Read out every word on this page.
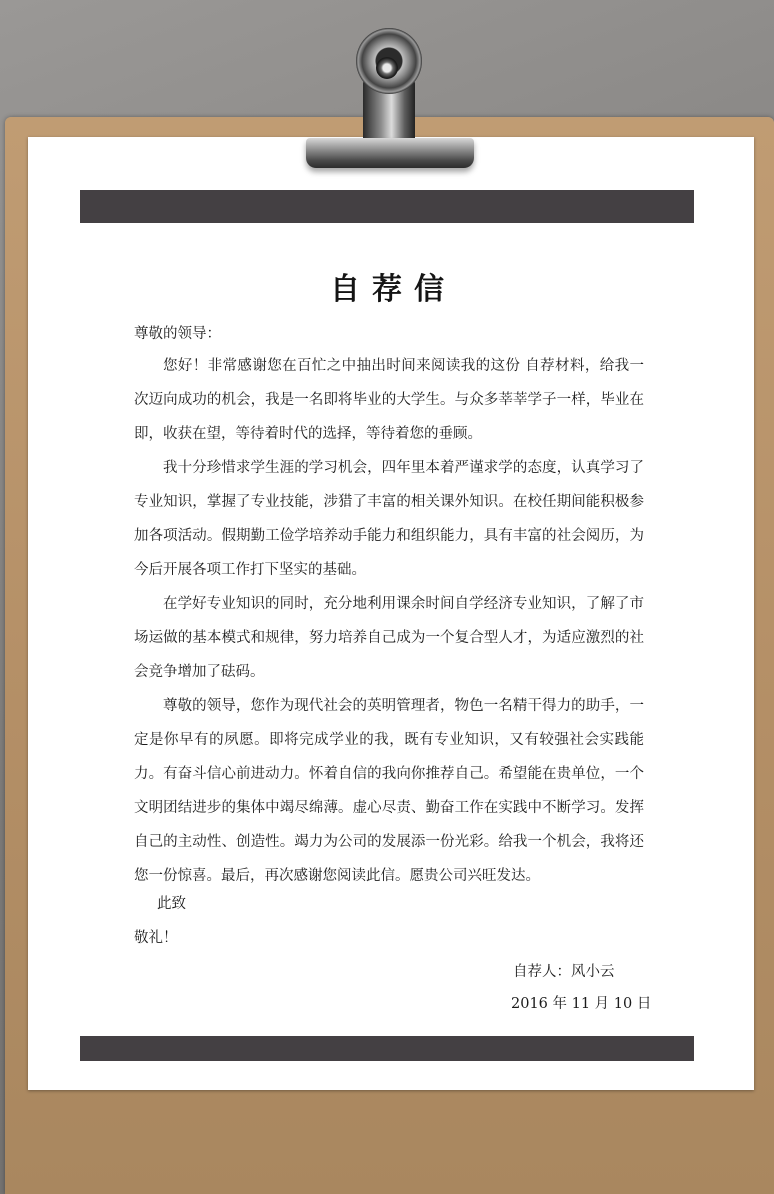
自荐信
尊敬的领导：
您好！非常感谢您在百忙之中抽出时间来阅读我的这份 自荐材料，给我一次迈向成功的机会，我是一名即将毕业的大学生。与众多莘莘学子一样，毕业在即，收获在望，等待着时代的选择，等待着您的垂顾。
我十分珍惜求学生涯的学习机会，四年里本着严谨求学的态度，认真学习了专业知识，掌握了专业技能，涉猎了丰富的相关课外知识。在校任期间能积极参加各项活动。假期勤工俭学培养动手能力和组织能力，具有丰富的社会阅历，为今后开展各项工作打下坚实的基础。
在学好专业知识的同时，充分地利用课余时间自学经济专业知识，了解了市场运做的基本模式和规律，努力培养自己成为一个复合型人才，为适应激烈的社会竞争增加了砝码。
尊敬的领导，您作为现代社会的英明管理者，物色一名精干得力的助手，一定是你早有的夙愿。即将完成学业的我，既有专业知识，又有较强社会实践能力。有奋斗信心前进动力。怀着自信的我向你推荐自己。希望能在贵单位，一个文明团结进步的集体中竭尽绵薄。虚心尽责、勤奋工作在实践中不断学习。发挥自己的主动性、创造性。竭力为公司的发展添一份光彩。给我一个机会，我将还您一份惊喜。最后，再次感谢您阅读此信。愿贵公司兴旺发达。
此致
敬礼！
自荐人：风小云
2016 年 11 月 10 日
